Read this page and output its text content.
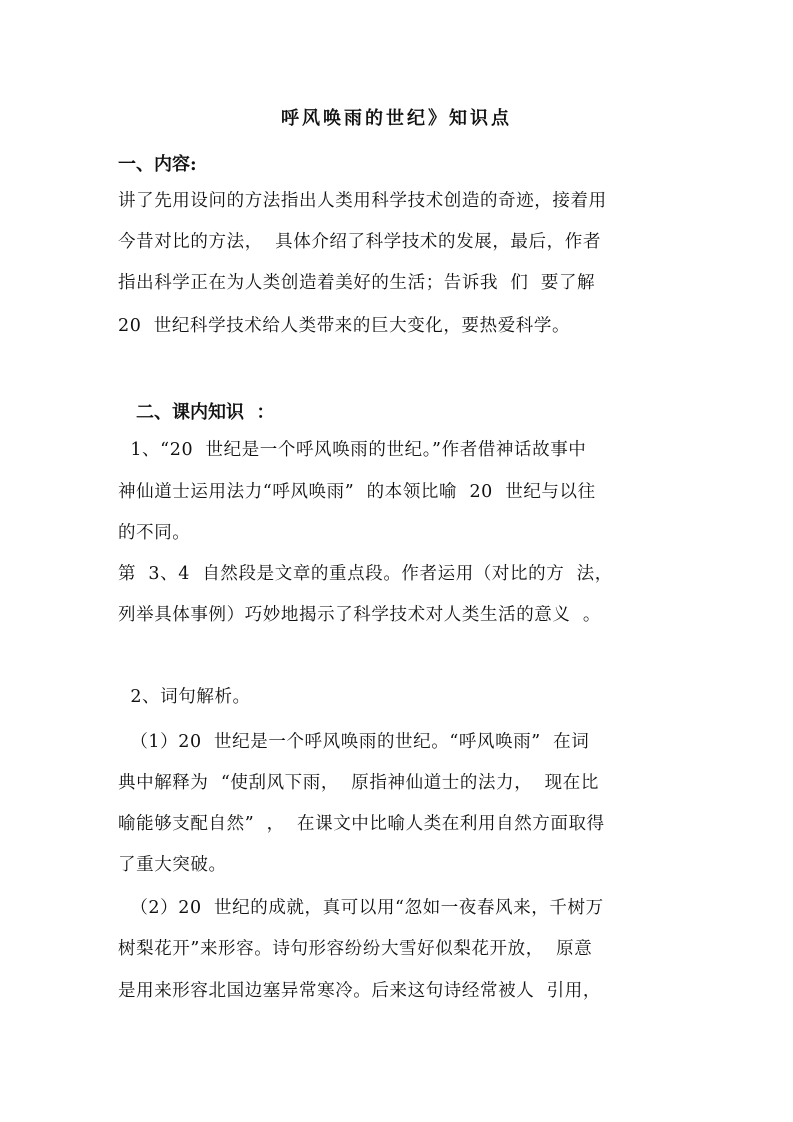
呼风唤雨的世纪》知识点
一、内容:
讲了先用设问的方法指出人类用科学技术创造的奇迹，接着用
今昔对比的方法，  具体介绍了科学技术的发展，最后，作者
指出科学正在为人类创造着美好的生活；告诉我  们  要了解
20  世纪科学技术给人类带来的巨大变化，要热爱科学。
二、课内知识  ：
1、“20  世纪是一个呼风唤雨的世纪。”作者借神话故事中
神仙道士运用法力“呼风唤雨”  的本领比喻  20  世纪与以往
的不同。
第  3、4  自然段是文章的重点段。作者运用（对比的方  法，
列举具体事例）巧妙地揭示了科学技术对人类生活的意义  。
2、词句解析。
（1）20  世纪是一个呼风唤雨的世纪。“呼风唤雨”  在词
典中解释为  “使刮风下雨，  原指神仙道士的法力，  现在比
喻能够支配自然”  ，  在课文中比喻人类在利用自然方面取得
了重大突破。
（2）20  世纪的成就，真可以用“忽如一夜春风来，千树万
树梨花开”来形容。诗句形容纷纷大雪好似梨花开放，  原意
是用来形容北国边塞异常寒冷。后来这句诗经常被人  引用，
